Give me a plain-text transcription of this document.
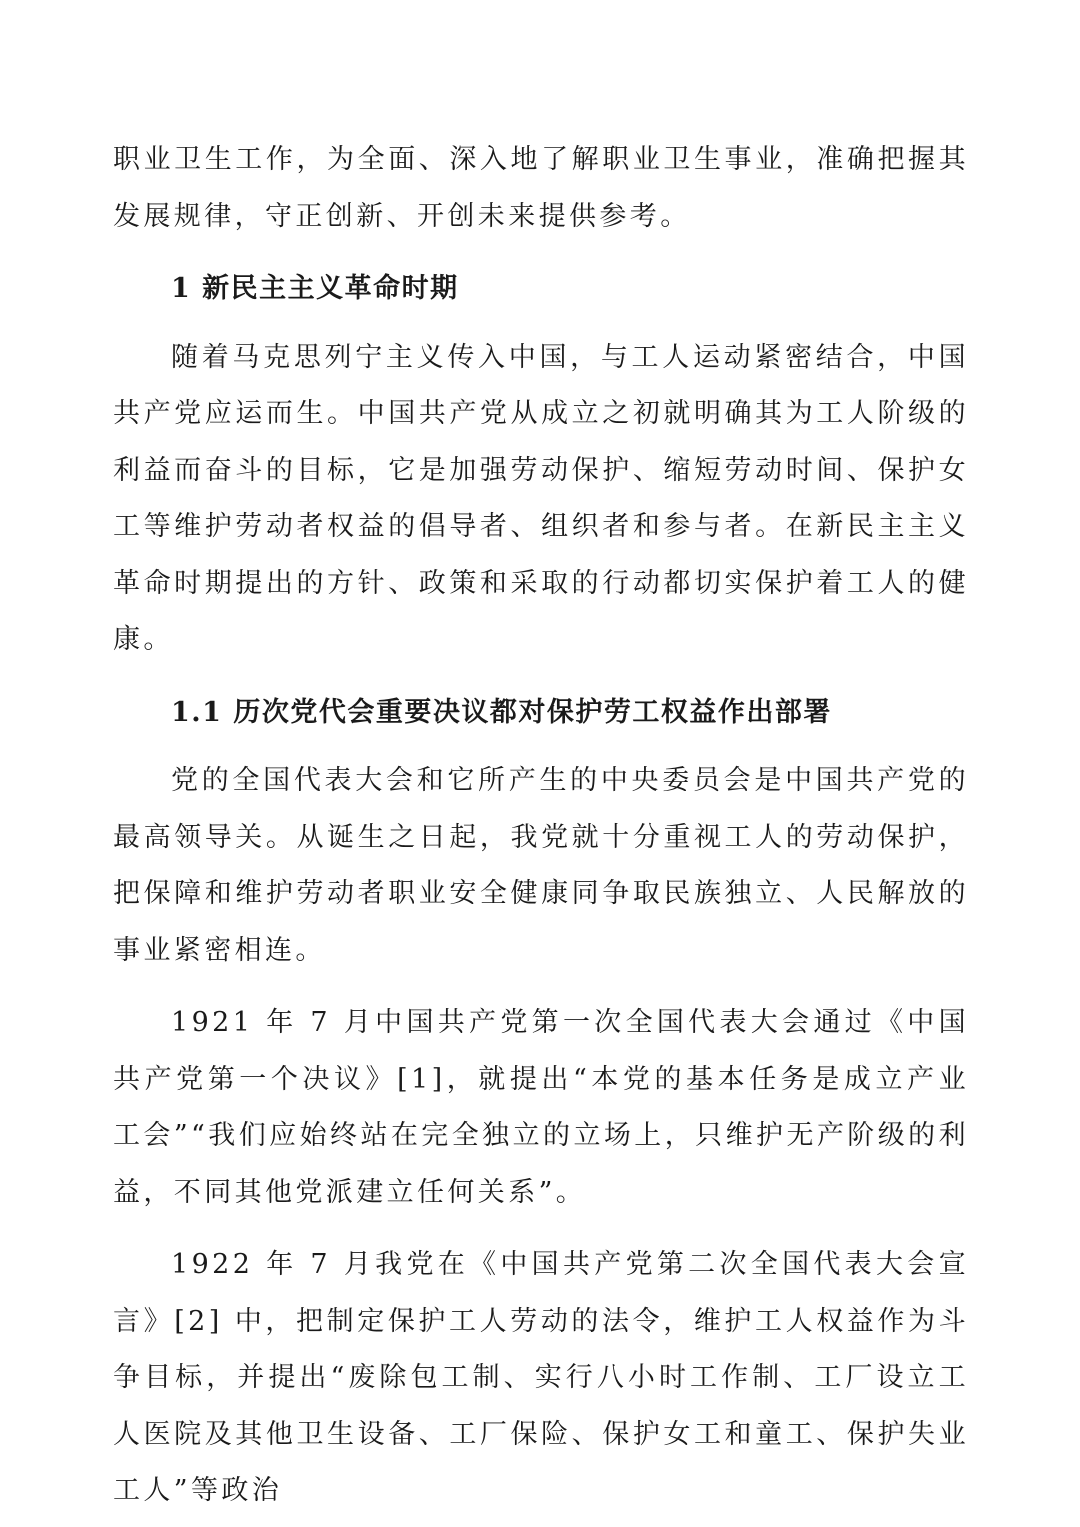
职业卫生工作，为全面、深入地了解职业卫生事业，准确把握其发展规律，守正创新、开创未来提供参考。

1 新民主主义革命时期

随着马克思列宁主义传入中国，与工人运动紧密结合，中国共产党应运而生。中国共产党从成立之初就明确其为工人阶级的利益而奋斗的目标，它是加强劳动保护、缩短劳动时间、保护女工等维护劳动者权益的倡导者、组织者和参与者。在新民主主义革命时期提出的方针、政策和采取的行动都切实保护着工人的健康。

1.1 历次党代会重要决议都对保护劳工权益作出部署

党的全国代表大会和它所产生的中央委员会是中国共产党的最高领导关。从诞生之日起，我党就十分重视工人的劳动保护，把保障和维护劳动者职业安全健康同争取民族独立、人民解放的事业紧密相连。

1921 年 7 月中国共产党第一次全国代表大会通过《中国共产党第一个决议》[1]，就提出“本党的基本任务是成立产业工会”“我们应始终站在完全独立的立场上，只维护无产阶级的利益，不同其他党派建立任何关系”。

1922 年 7 月我党在《中国共产党第二次全国代表大会宣言》[2] 中，把制定保护工人劳动的法令，维护工人权益作为斗争目标，并提出“废除包工制、实行八小时工作制、工厂设立工人医院及其他卫生设备、工厂保险、保护女工和童工、保护失业工人”等政治
